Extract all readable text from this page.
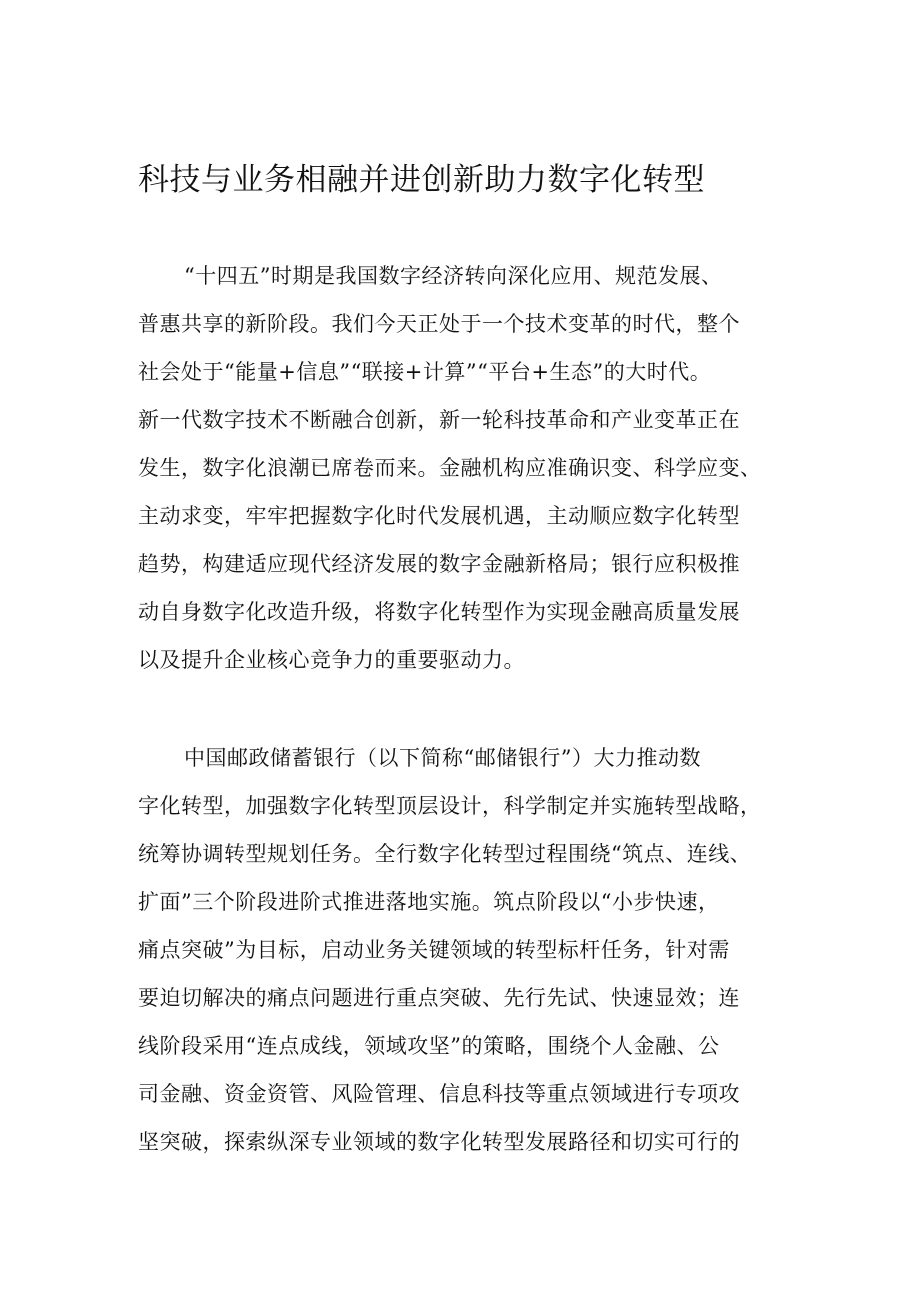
科技与业务相融并进创新助力数字化转型
“十四五”时期是我国数字经济转向深化应用、规范发展、
普惠共享的新阶段。我们今天正处于一个技术变革的时代，整个
社会处于“能量+信息”“联接+计算”“平台+生态”的大时代。
新一代数字技术不断融合创新，新一轮科技革命和产业变革正在
发生，数字化浪潮已席卷而来。金融机构应准确识变、科学应变、
主动求变，牢牢把握数字化时代发展机遇，主动顺应数字化转型
趋势，构建适应现代经济发展的数字金融新格局；银行应积极推
动自身数字化改造升级，将数字化转型作为实现金融高质量发展
以及提升企业核心竞争力的重要驱动力。
中国邮政储蓄银行（以下简称“邮储银行”）大力推动数
字化转型，加强数字化转型顶层设计，科学制定并实施转型战略，
统筹协调转型规划任务。全行数字化转型过程围绕“筑点、连线、
扩面”三个阶段进阶式推进落地实施。筑点阶段以“小步快速，
痛点突破”为目标，启动业务关键领域的转型标杆任务，针对需
要迫切解决的痛点问题进行重点突破、先行先试、快速显效；连
线阶段采用“连点成线，领域攻坚”的策略，围绕个人金融、公
司金融、资金资管、风险管理、信息科技等重点领域进行专项攻
坚突破，探索纵深专业领域的数字化转型发展路径和切实可行的
